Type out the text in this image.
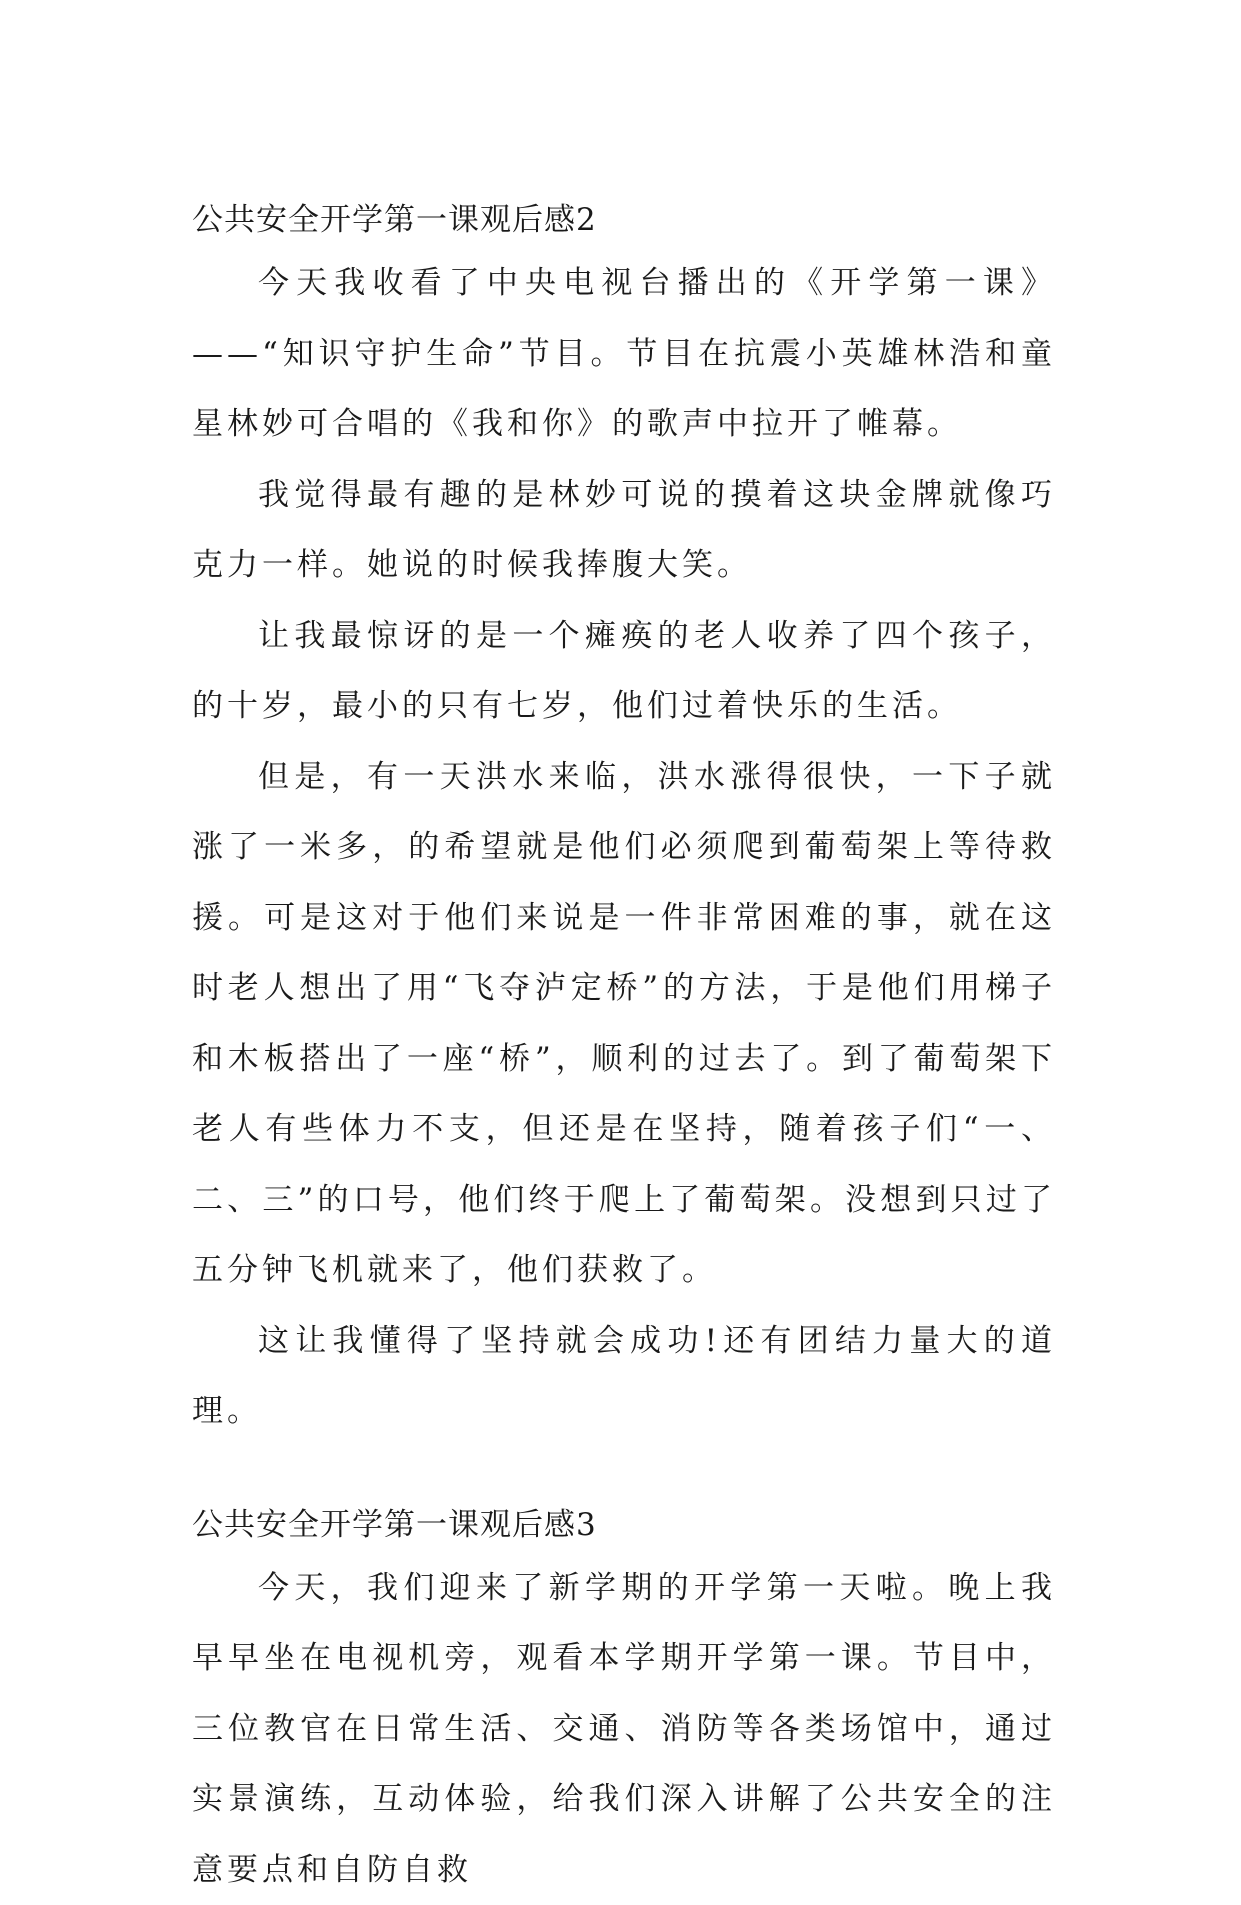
公共安全开学第一课观后感2

今天我收看了中央电视台播出的《开学第一课》——“知识守护生命”节目。节目在抗震小英雄林浩和童星林妙可合唱的《我和你》的歌声中拉开了帷幕。

我觉得最有趣的是林妙可说的摸着这块金牌就像巧克力一样。她说的时候我捧腹大笑。

让我最惊讶的是一个瘫痪的老人收养了四个孩子，的十岁，最小的只有七岁，他们过着快乐的生活。

但是，有一天洪水来临，洪水涨得很快，一下子就涨了一米多，的希望就是他们必须爬到葡萄架上等待救援。可是这对于他们来说是一件非常困难的事，就在这时老人想出了用“飞夺泸定桥”的方法，于是他们用梯子和木板搭出了一座“桥”，顺利的过去了。到了葡萄架下老人有些体力不支，但还是在坚持，随着孩子们“一、二、三”的口号，他们终于爬上了葡萄架。没想到只过了五分钟飞机就来了，他们获救了。

这让我懂得了坚持就会成功!还有团结力量大的道理。

公共安全开学第一课观后感3

今天，我们迎来了新学期的开学第一天啦。晚上我早早坐在电视机旁，观看本学期开学第一课。节目中，三位教官在日常生活、交通、消防等各类场馆中，通过实景演练，互动体验，给我们深入讲解了公共安全的注意要点和自防自救
